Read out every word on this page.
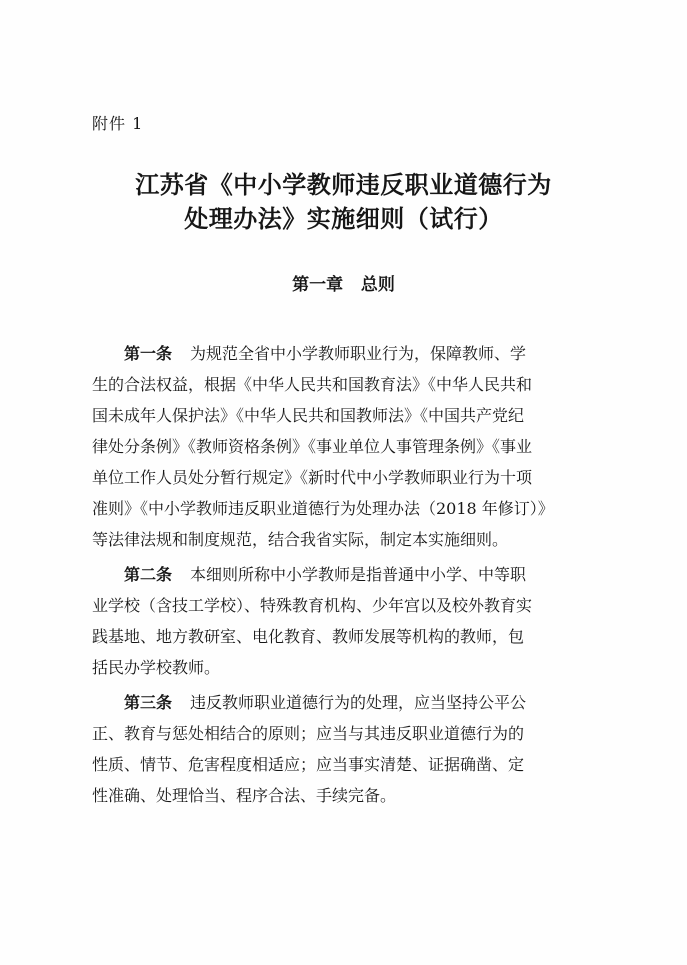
附件 1
江苏省《中小学教师违反职业道德行为
处理办法》实施细则（试行）
第一章   总则
第一条 为规范全省中小学教师职业行为，保障教师、学
生的合法权益，根据《中华人民共和国教育法》《中华人民共和
国未成年人保护法》《中华人民共和国教师法》《中国共产党纪
律处分条例》《教师资格条例》《事业单位人事管理条例》《事业
单位工作人员处分暂行规定》《新时代中小学教师职业行为十项
准则》《中小学教师违反职业道德行为处理办法（2018 年修订）》
等法律法规和制度规范，结合我省实际，制定本实施细则。
第二条 本细则所称中小学教师是指普通中小学、中等职
业学校（含技工学校）、特殊教育机构、少年宫以及校外教育实
践基地、地方教研室、电化教育、教师发展等机构的教师，包
括民办学校教师。
第三条 违反教师职业道德行为的处理，应当坚持公平公
正、教育与惩处相结合的原则；应当与其违反职业道德行为的
性质、情节、危害程度相适应；应当事实清楚、证据确凿、定
性准确、处理恰当、程序合法、手续完备。
